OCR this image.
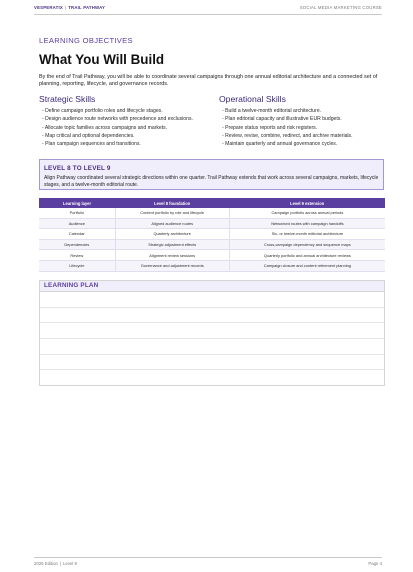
VESPERATIX | TRAIL PATHWAY	SOCIAL MEDIA MARKETING COURSE
LEARNING OBJECTIVES
What You Will Build
By the end of Trail Pathway, you will be able to coordinate several campaigns through one annual editorial architecture and a connected set of planning, reporting, lifecycle, and governance records.
Strategic Skills
- Define campaign portfolio roles and lifecycle stages.
- Design audience route networks with precedence and exclusions.
- Allocate topic families across campaigns and markets.
- Map critical and optional dependencies.
- Plan campaign sequences and transitions.
Operational Skills
- Build a twelve-month editorial architecture.
- Plan editorial capacity and illustrative EUR budgets.
- Prepare status reports and risk registers.
- Review, revise, combine, redirect, and archive materials.
- Maintain quarterly and annual governance cycles.
LEVEL 8 TO LEVEL 9
Align Pathway coordinated several strategic directions within one quarter. Trail Pathway extends that work across several campaigns, markets, lifecycle stages, and a twelve-month editorial route.
Learning layer	Level 8 foundation	Level 9 extension
Portfolio	Content portfolio by role and lifecycle	Campaign portfolio across annual periods
Audience	Aligned audience routes	Networked routes with campaign handoffs
Calendar	Quarterly architecture	Six- or twelve-month editorial architecture
Dependencies	Strategic adjustment effects	Cross-campaign dependency and sequence maps
Review	Alignment review sessions	Quarterly portfolio and annual architecture reviews
Lifecycle	Governance and adjustment records	Campaign closure and content retirement planning
LEARNING PLAN
2026 Edition | Level 9	Page 4
